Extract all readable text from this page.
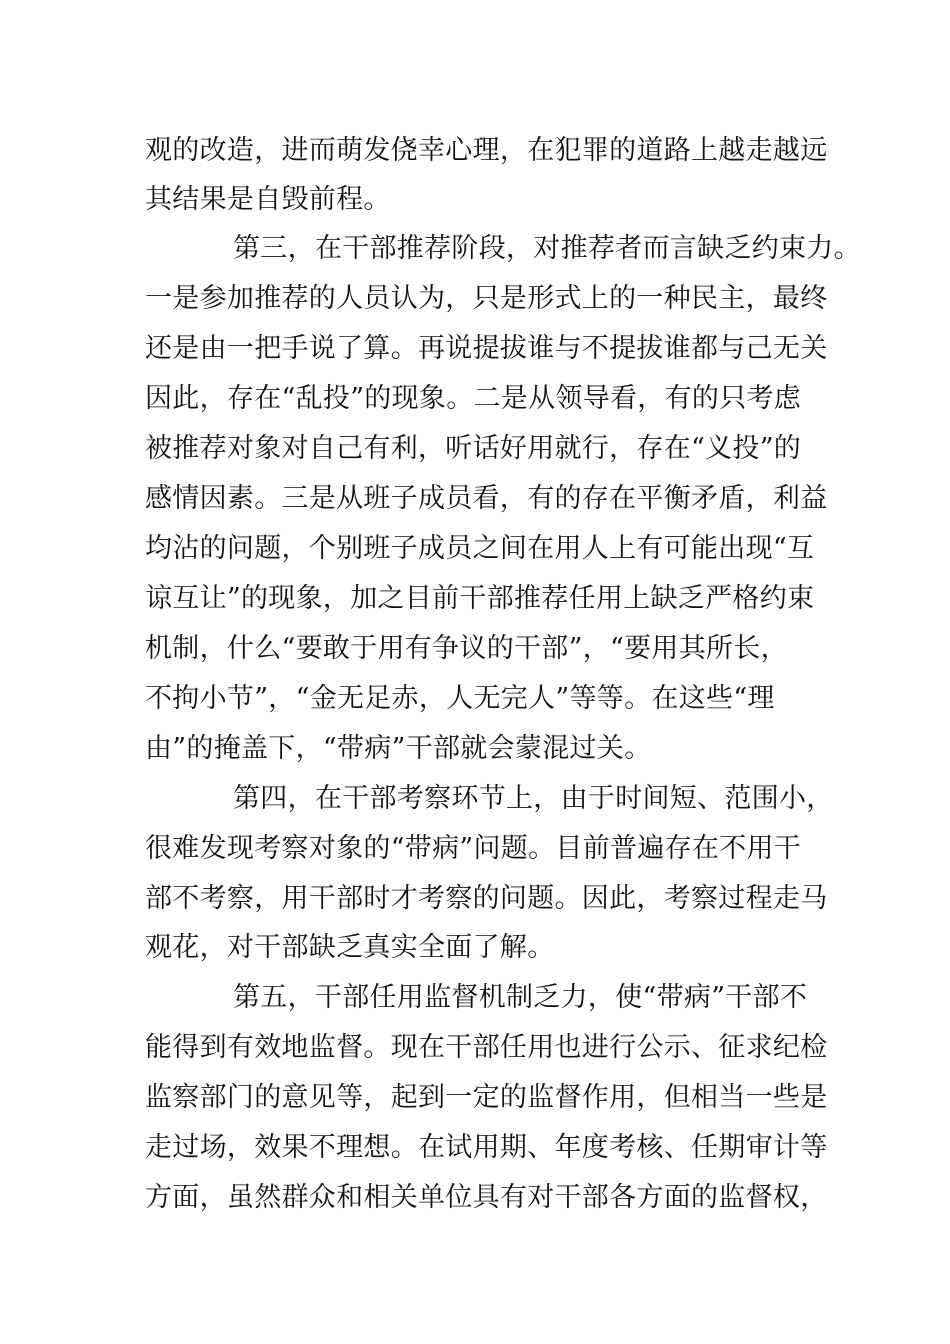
观的改造，进而萌发侥幸心理，在犯罪的道路上越走越远
其结果是自毁前程。
第三，在干部推荐阶段，对推荐者而言缺乏约束力。
一是参加推荐的人员认为，只是形式上的一种民主，最终
还是由一把手说了算。再说提拔谁与不提拔谁都与己无关
因此，存在“乱投”的现象。二是从领导看，有的只考虑
被推荐对象对自己有利，听话好用就行，存在“义投”的
感情因素。三是从班子成员看，有的存在平衡矛盾，利益
均沾的问题，个别班子成员之间在用人上有可能出现“互
谅互让”的现象，加之目前干部推荐任用上缺乏严格约束
机制，什么“要敢于用有争议的干部”，“要用其所长，
不拘小节”，“金无足赤，人无完人”等等。在这些“理
由”的掩盖下，“带病”干部就会蒙混过关。
第四，在干部考察环节上，由于时间短、范围小，
很难发现考察对象的“带病”问题。目前普遍存在不用干
部不考察，用干部时才考察的问题。因此，考察过程走马
观花，对干部缺乏真实全面了解。
第五，干部任用监督机制乏力，使“带病”干部不
能得到有效地监督。现在干部任用也进行公示、征求纪检
监察部门的意见等，起到一定的监督作用，但相当一些是
走过场，效果不理想。在试用期、年度考核、任期审计等
方面，虽然群众和相关单位具有对干部各方面的监督权，
